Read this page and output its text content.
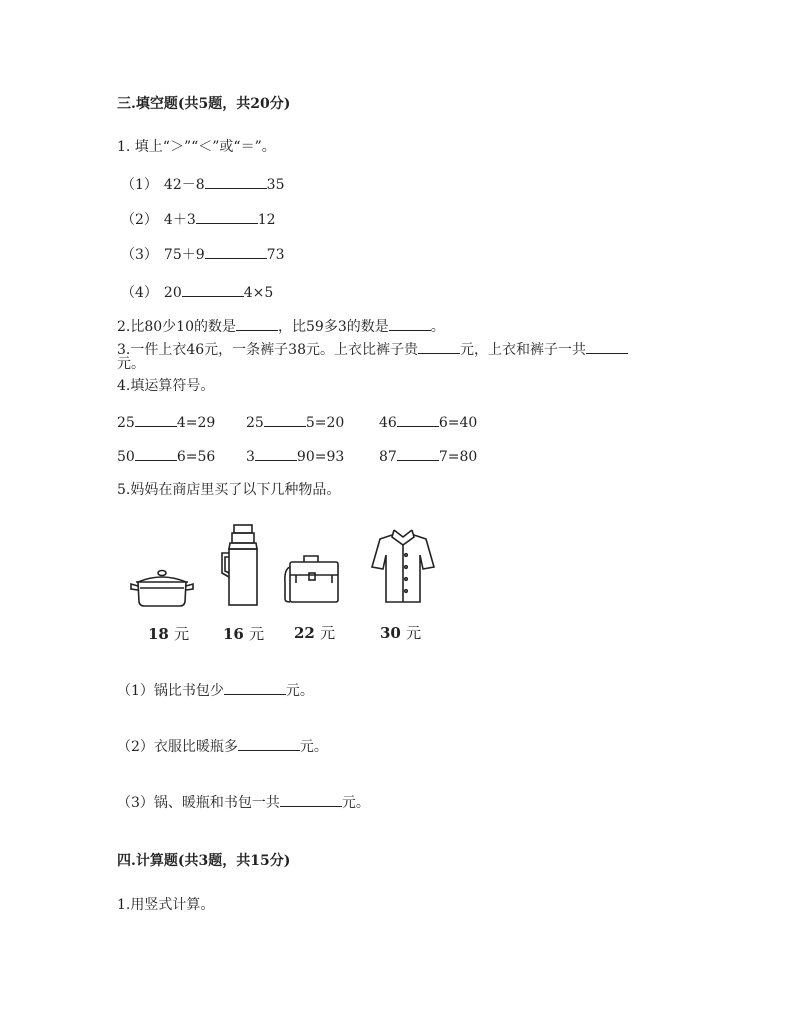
三.填空题(共5题，共20分)
1. 填上“＞”“＜”或“＝”。
（1） 42－8	35
（2） 4＋3	12
（3） 75＋9	73
（4） 20	4×5
2.比80少10的数是	，比59多3的数是	。
3.一件上衣46元，一条裤子38元。上衣比裤子贵	元，上衣和裤子一共
元。
4.填运算符号。
25	4=29 25	5=20 46	6=40
50	6=56 3	90=93 87	7=80
5.妈妈在商店里买了以下几种物品。
18 元 16 元 22 元	30 元
（1）锅比书包少	元。
（2）衣服比暖瓶多	元。
（3）锅、暖瓶和书包一共	元。
四.计算题(共3题，共15分)
1.用竖式计算。
